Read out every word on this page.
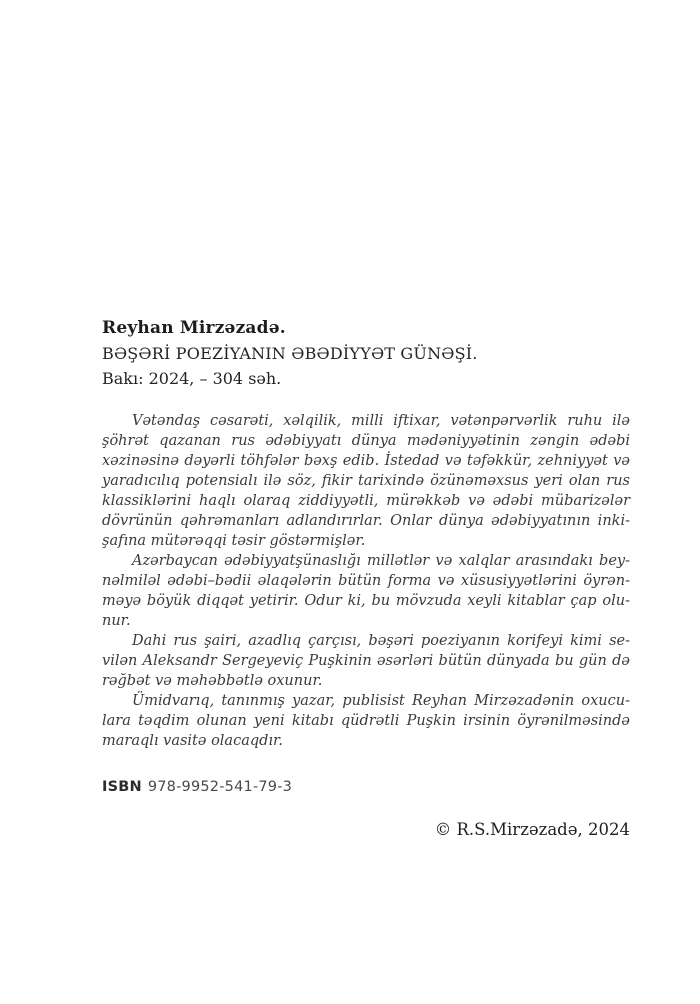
Reyhan Mirzəzadə.
BƏŞƏRİ POEZİYANIN ƏBƏDİYYƏT GÜNƏŞİ.
Bakı: 2024, – 304 səh.
Vətəndaş cəsarəti, xəlqilik, milli iftixar, vətənpərvərlik ruhu ilə
şöhrət qazanan rus ədəbiyyatı dünya mədəniyyətinin zəngin ədəbi
xəzinəsinə dəyərli töhfələr bəxş edib. İstedad və təfəkkür, zehniyyət və
yaradıcılıq potensialı ilə söz, fikir tarixində özünəməxsus yeri olan rus
klassiklərini haqlı olaraq ziddiyyətli, mürəkkəb və ədəbi mübarizələr
dövrünün qəhrəmanları adlandırırlar. Onlar dünya ədəbiyyatının inki-
şafına mütərəqqi təsir göstərmişlər.
Azərbaycan ədəbiyyatşünaslığı millətlər və xalqlar arasındakı bey-
nəlmiləl ədəbi–bədii əlaqələrin bütün forma və xüsusiyyətlərini öyrən-
məyə böyük diqqət yetirir. Odur ki, bu mövzuda xeyli kitablar çap olu-
nur.
Dahi rus şairi, azadlıq çarçısı, bəşəri poeziyanın korifeyi kimi se-
vilən Aleksandr Sergeyeviç Puşkinin əsərləri bütün dünyada bu gün də
rəğbət və məhəbbətlə oxunur.
Ümidvarıq, tanınmış yazar, publisist Reyhan Mirzəzadənin oxucu-
lara təqdim olunan yeni kitabı qüdrətli Puşkin irsinin öyrənilməsində
maraqlı vasitə olacaqdır.
ISBN 978-9952-541-79-3
© R.S.Mirzəzadə, 2024
